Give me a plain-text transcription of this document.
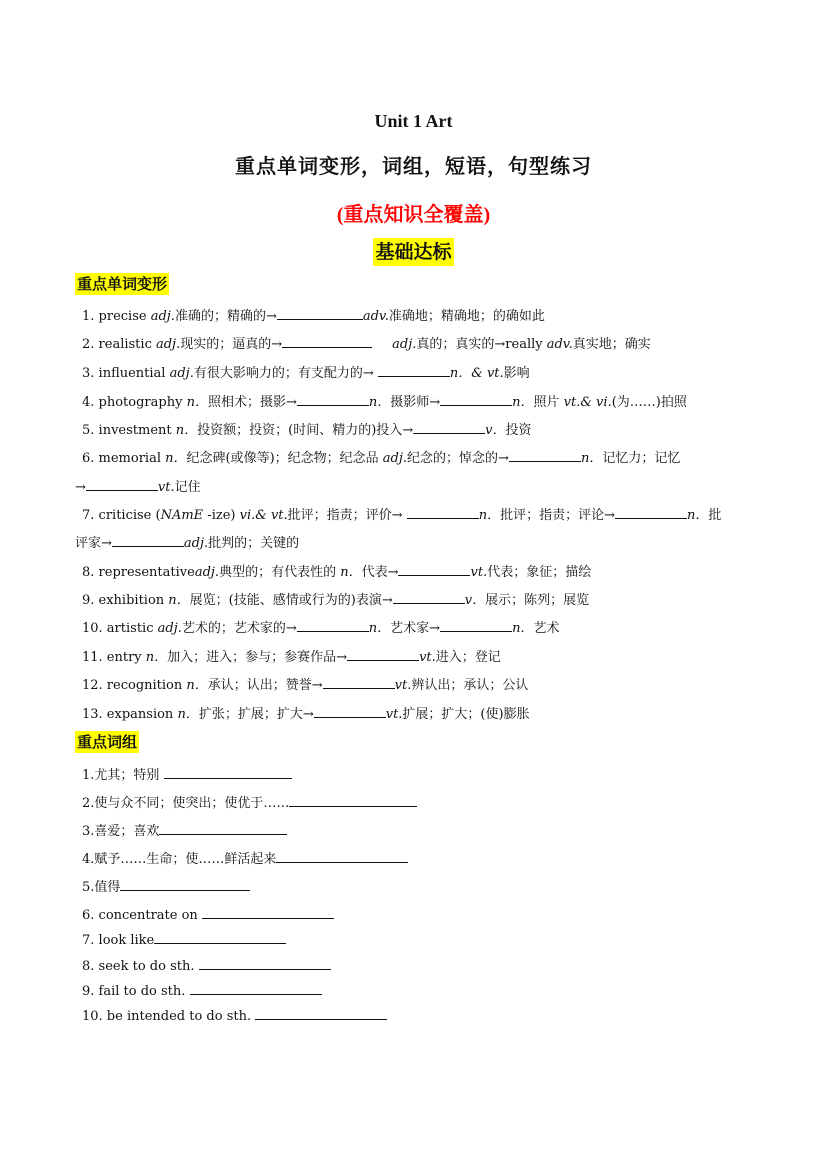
Unit 1 Art
重点单词变形，词组，短语，句型练习
(重点知识全覆盖)
基础达标
重点单词变形
1. precise adj.准确的；精确的→	adv.准确地；精确地；的确如此
2. realistic adj.现实的；逼真的→	adj.真的；真实的→really adv.真实地；确实
3. influential adj.有很大影响力的；有支配力的→	n．& vt.影响
4. photography n．照相术；摄影→	n．摄影师→	n．照片 vt.& vi.(为……)拍照
5. investment n．投资额；投资；(时间、精力的)投入→	v．投资
6. memorial n．纪念碑(或像等)；纪念物；纪念品 adj.纪念的；悼念的→	n．记忆力；记忆
→	vt.记住
7. criticise (NAmE -ize) vi.& vt.批评；指责；评价→	n．批评；指责；评论→	n．批
评家→	adj.批判的；关键的
8. representativeadj.典型的；有代表性的 n．代表→	vt.代表；象征；描绘
9. exhibition n．展览；(技能、感情或行为的)表演→	v．展示；陈列；展览
10. artistic adj.艺术的；艺术家的→	n．艺术家→	n．艺术
11. entry n．加入；进入；参与；参赛作品→	vt.进入；登记
12. recognition n．承认；认出；赞誉→	vt.辨认出；承认；公认
13. expansion n．扩张；扩展；扩大→	vt.扩展；扩大；(使)膨胀
重点词组
1.尤其；特别
2.使与众不同；使突出；使优于……
3.喜爱；喜欢
4.赋予……生命；使……鲜活起来
5.值得
6. concentrate on
7. look like
8. seek to do sth.
9. fail to do sth.
10. be intended to do sth.
